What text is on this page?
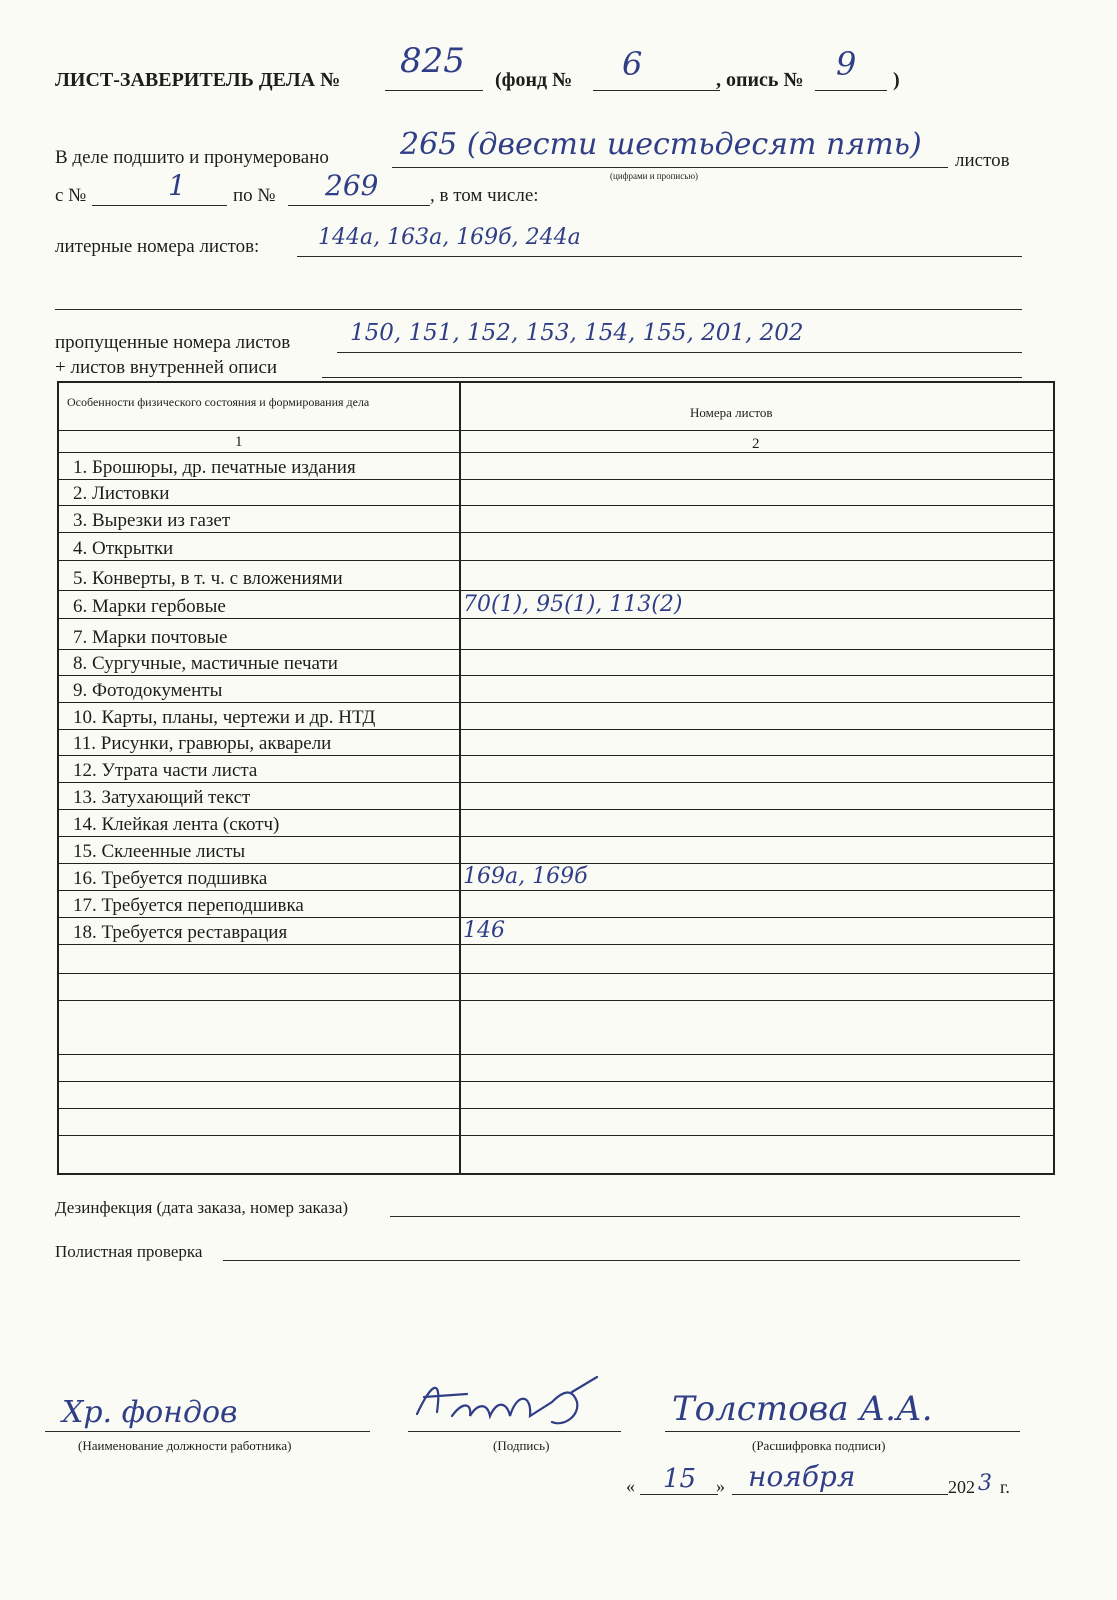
ЛИСТ-ЗАВЕРИТЕЛЬ ДЕЛА № 825 (фонд № 6	, опись № 9 )
В деле подшито и пронумеровано 265 (двести шестьдесят пять) листов
(цифрами и прописью)
с №	1 по № 269	, в том числе:
литерные номера листов:	144а, 163а, 169б, 244а
пропущенные номера листов	150, 151, 152, 153, 154, 155, 201, 202
+ листов внутренней описи
Особенности физического состояния и формирования дела
Номера листов
1	2
1. Брошюры, др. печатные издания
2. Листовки
3. Вырезки из газет
4. Открытки
5. Конверты, в т. ч. с вложениями
6. Марки гербовые	70(1), 95(1), 113(2)
7. Марки почтовые
8. Сургучные, мастичные печати
9. Фотодокументы
10. Карты, планы, чертежи и др. НТД
11. Рисунки, гравюры, акварели
12. Утрата части листа
13. Затухающий текст
14. Клейкая лента (скотч)
15. Склеенные листы
16. Требуется подшивка	169а, 169б
17. Требуется переподшивка
18. Требуется реставрация	146
Дезинфекция (дата заказа, номер заказа)
Полистная проверка
Хр. фондов
(Наименование должности работника)	(Подпись)
Толстова А.А.
(Расшифровка подписи)
« 15 » ноября	202 3 г.
